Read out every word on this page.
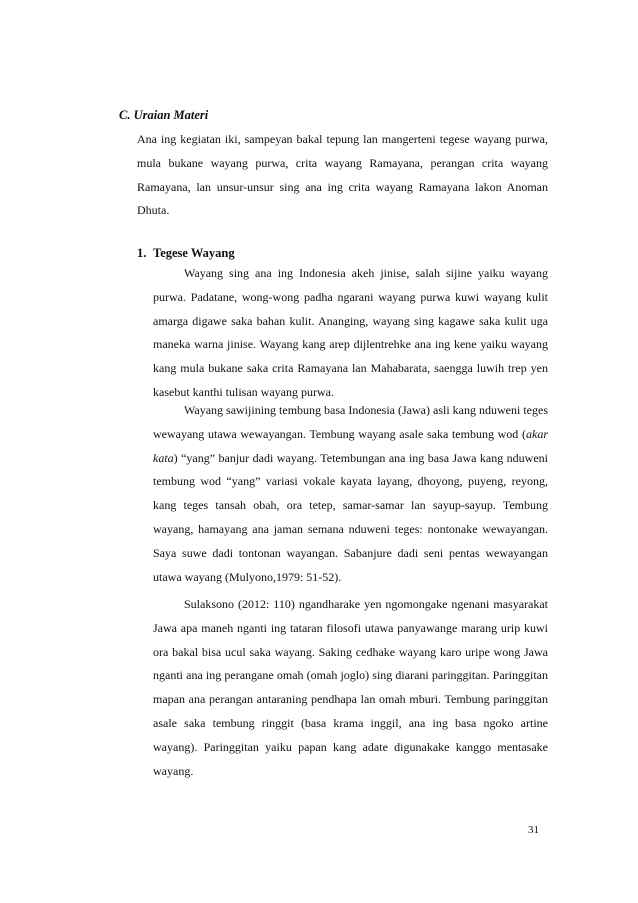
C. Uraian Materi

Ana ing kegiatan iki, sampeyan bakal tepung lan mangerteni tegese wayang purwa, mula bukane wayang purwa, crita wayang Ramayana, perangan crita wayang Ramayana, lan unsur-unsur sing ana ing crita wayang Ramayana lakon Anoman Dhuta.

1. Tegese Wayang

Wayang sing ana ing Indonesia akeh jinise, salah sijine yaiku wayang purwa. Padatane, wong-wong padha ngarani wayang purwa kuwi wayang kulit amarga digawe saka bahan kulit. Ananging, wayang sing kagawe saka kulit uga maneka warna jinise. Wayang kang arep dijlentrehke ana ing kene yaiku wayang kang mula bukane saka crita Ramayana lan Mahabarata, saengga luwih trep yen kasebut kanthi tulisan wayang purwa.

Wayang sawijining tembung basa Indonesia (Jawa) asli kang nduweni teges wewayang utawa wewayangan. Tembung wayang asale saka tembung wod (akar kata) “yang” banjur dadi wayang. Tetembungan ana ing basa Jawa kang nduweni tembung wod “yang” variasi vokale kayata layang, dhoyong, puyeng, reyong, kang teges tansah obah, ora tetep, samar-samar lan sayup-sayup. Tembung wayang, hamayang ana jaman semana nduweni teges: nontonake wewayangan. Saya suwe dadi tontonan wayangan. Sabanjure dadi seni pentas wewayangan utawa wayang (Mulyono,1979: 51-52).

Sulaksono (2012: 110) ngandharake yen ngomongake ngenani masyarakat Jawa apa maneh nganti ing tataran filosofi utawa panyawange marang urip kuwi ora bakal bisa ucul saka wayang. Saking cedhake wayang karo uripe wong Jawa nganti ana ing perangane omah (omah joglo) sing diarani paringgitan. Paringgitan mapan ana perangan antaraning pendhapa lan omah mburi. Tembung paringgitan asale saka tembung ringgit (basa krama inggil, ana ing basa ngoko artine wayang). Paringgitan yaiku papan kang adate digunakake kanggo mentasake wayang.

31
